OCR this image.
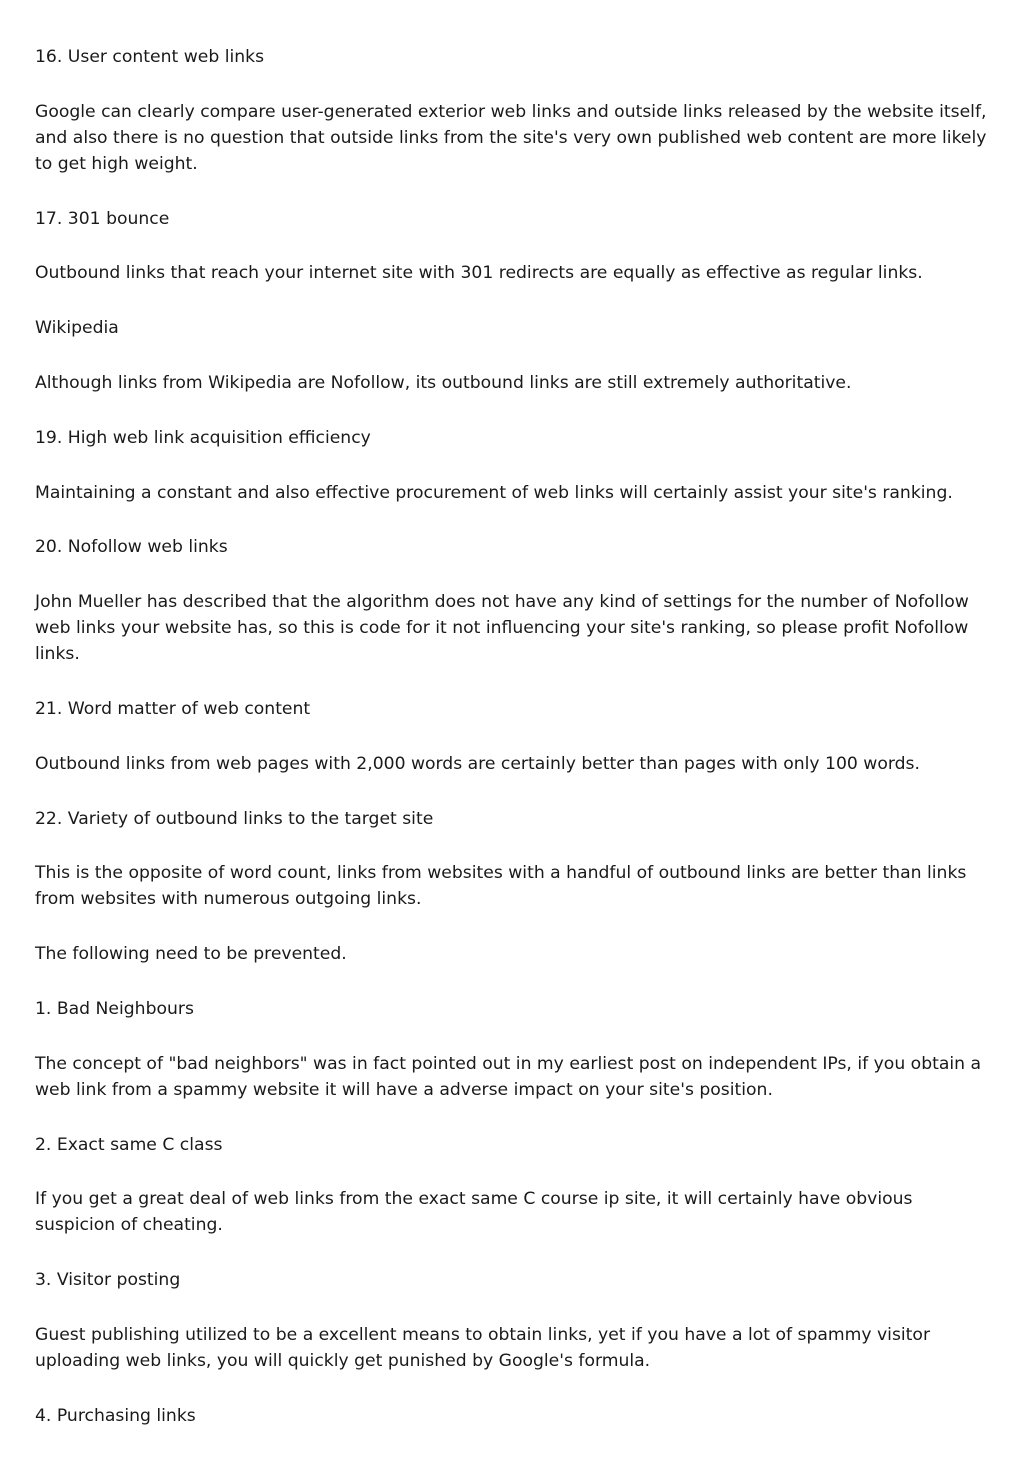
16. User content web links

Google can clearly compare user-generated exterior web links and outside links released by the website itself, and also there is no question that outside links from the site's very own published web content are more likely to get high weight.

17. 301 bounce

Outbound links that reach your internet site with 301 redirects are equally as effective as regular links.

Wikipedia

Although links from Wikipedia are Nofollow, its outbound links are still extremely authoritative.

19. High web link acquisition efficiency

Maintaining a constant and also effective procurement of web links will certainly assist your site's ranking.

20. Nofollow web links

John Mueller has described that the algorithm does not have any kind of settings for the number of Nofollow web links your website has, so this is code for it not influencing your site's ranking, so please profit Nofollow links.

21. Word matter of web content

Outbound links from web pages with 2,000 words are certainly better than pages with only 100 words.

22. Variety of outbound links to the target site

This is the opposite of word count, links from websites with a handful of outbound links are better than links from websites with numerous outgoing links.

The following need to be prevented.

1. Bad Neighbours

The concept of "bad neighbors" was in fact pointed out in my earliest post on independent IPs, if you obtain a web link from a spammy website it will have a adverse impact on your site's position.

2. Exact same C class

If you get a great deal of web links from the exact same C course ip site, it will certainly have obvious suspicion of cheating.

3. Visitor posting

Guest publishing utilized to be a excellent means to obtain links, yet if you have a lot of spammy visitor uploading web links, you will quickly get punished by Google's formula.

4. Purchasing links
